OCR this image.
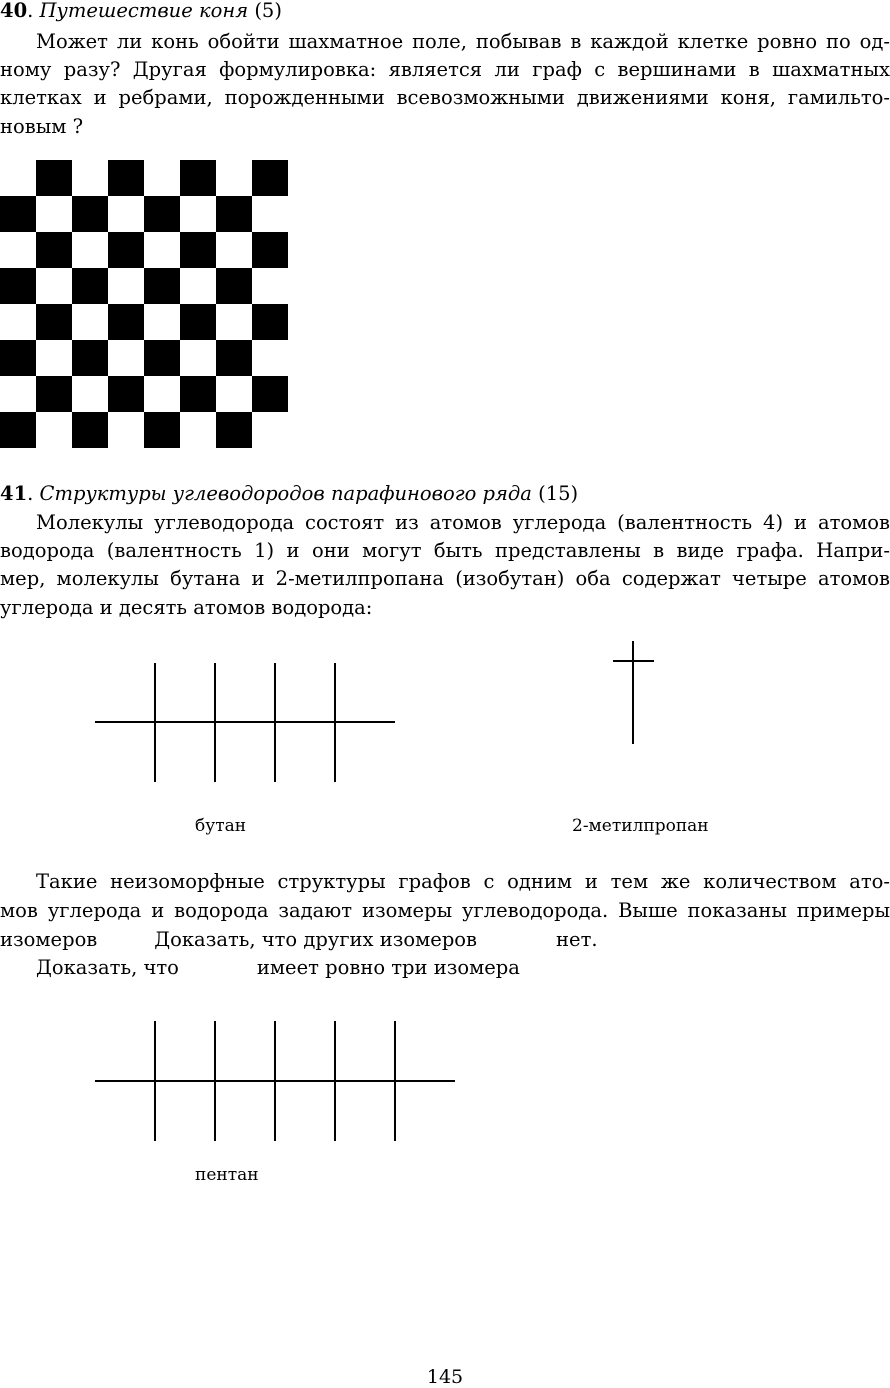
40. Путешествие коня (5)
Может ли конь обойти шахматное поле, побывав в каждой клетке ровно по од-
ному разу? Другая формулировка: является ли граф с вершинами в шахматных
клетках и ребрами, порожденными всевозможными движениями коня, гамильто-
новым ?
41. Структуры углеводородов парафинового ряда (15)
Молекулы углеводорода состоят из атомов углерода (валентность 4) и атомов
водорода (валентность 1) и они могут быть представлены в виде графа. Напри-
мер, молекулы бутана и 2-метилпропана (изобутан) оба содержат четыре атомов
углерода и десять атомов водорода:
бутан	2-метилпропан
Такие неизоморфные структуры графов с одним и тем же количеством ато-
мов углерода и водорода задают изомеры углеводорода. Выше показаны примеры
изомеров	Доказать, что других изомеров	нет.
Доказать, что	имеет ровно три изомера
пентан
145
